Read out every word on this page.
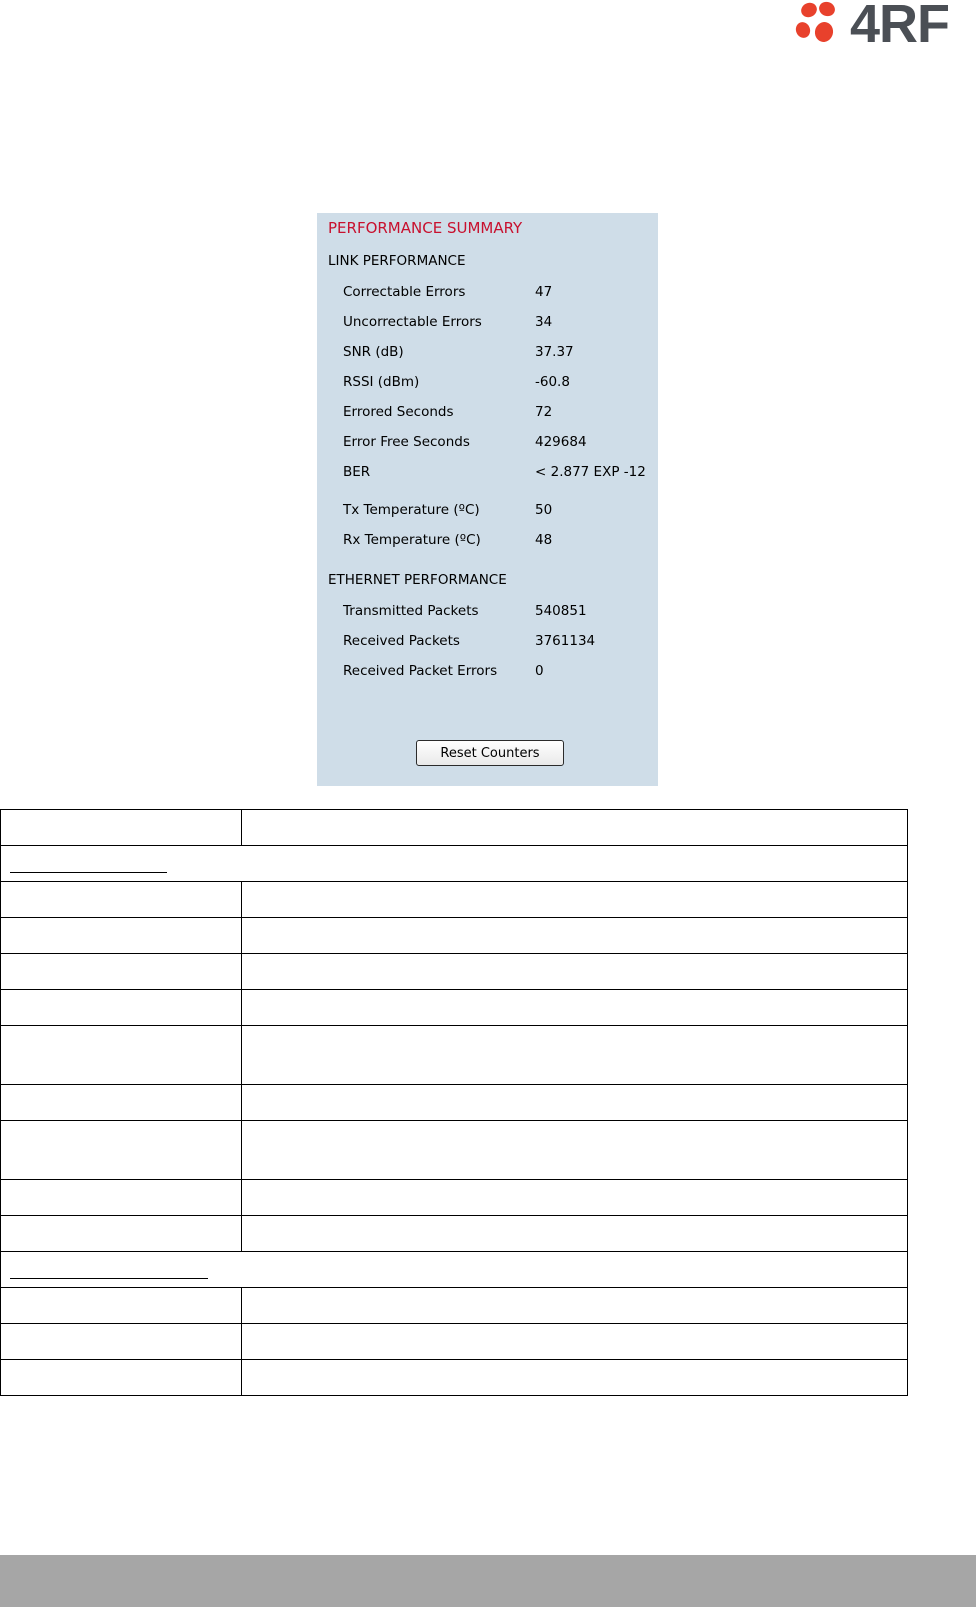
4RF
PERFORMANCE SUMMARY
LINK PERFORMANCE
Correctable Errors	47
Uncorrectable Errors	34
SNR (dB)	37.37
RSSI (dBm)	-60.8
Errored Seconds	72
Error Free Seconds	429684
BER	< 2.877 EXP -12
Tx Temperature (ºC)	50
Rx Temperature (ºC)	48
ETHERNET PERFORMANCE
Transmitted Packets	540851
Received Packets	3761134
Received Packet Errors	0
Reset Counters
